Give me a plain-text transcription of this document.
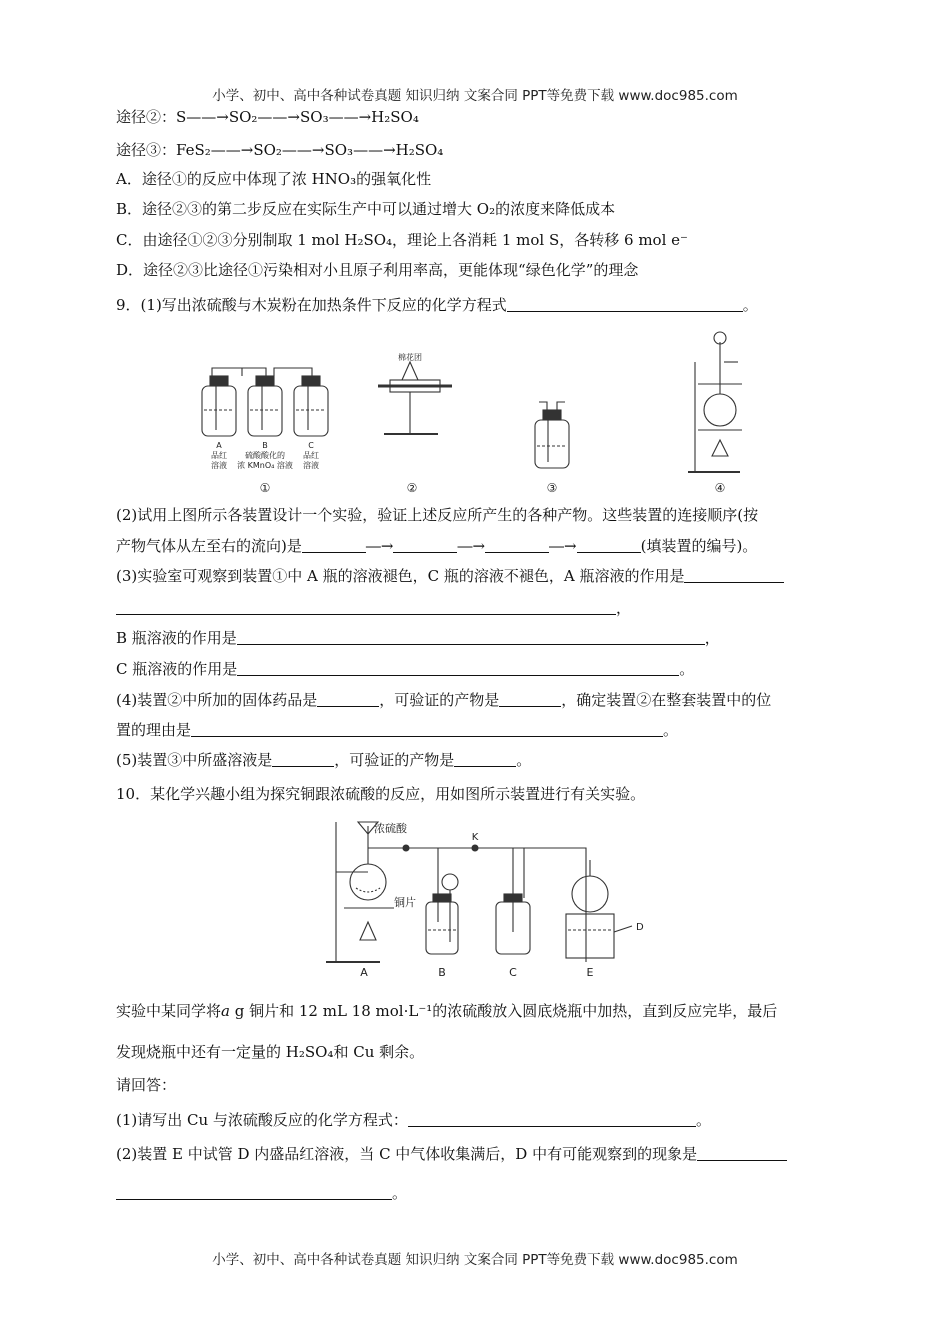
小学、初中、高中各种试卷真题 知识归纳 文案合同 PPT等免费下载 www.doc985.com
途径②：S——→SO₂——→SO₃——→H₂SO₄
途径③：FeS₂——→SO₂——→SO₃——→H₂SO₄
A．途径①的反应中体现了浓 HNO₃的强氧化性
B．途径②③的第二步反应在实际生产中可以通过增大 O₂的浓度来降低成本
C．由途径①②③分别制取 1 mol H₂SO₄，理论上各消耗 1 mol S，各转移 6 mol e⁻
D．途径②③比途径①污染相对小且原子利用率高，更能体现“绿色化学”的理念
9．(1)写出浓硫酸与木炭粉在加热条件下反应的化学方程式	。
A
品红
溶液
B
硫酸酸化的
浓 KMnO₄ 溶液
C
品红
溶液
①
棉花团
②	③	④
(2)试用上图所示各装置设计一个实验，验证上述反应所产生的各种产物。这些装置的连接顺序(按
产物气体从左至右的流向)是	―→	―→	―→	(填装置的编号)。
(3)实验室可观察到装置①中 A 瓶的溶液褪色，C 瓶的溶液不褪色，A 瓶溶液的作用是
，
B 瓶溶液的作用是	，
C 瓶溶液的作用是	。
(4)装置②中所加的固体药品是	，可验证的产物是	，确定装置②在整套装置中的位
置的理由是	。
(5)装置③中所盛溶液是	，可验证的产物是	。
10．某化学兴趣小组为探究铜跟浓硫酸的反应，用如图所示装置进行有关实验。
浓硫酸
K
铜片
D
A	B	C	E
实验中某同学将a g 铜片和 12 mL 18 mol·L⁻¹的浓硫酸放入圆底烧瓶中加热，直到反应完毕，最后
发现烧瓶中还有一定量的 H₂SO₄和 Cu 剩余。
请回答：
(1)请写出 Cu 与浓硫酸反应的化学方程式：	。
(2)装置 E 中试管 D 内盛品红溶液，当 C 中气体收集满后，D 中有可能观察到的现象是
。
小学、初中、高中各种试卷真题 知识归纳 文案合同 PPT等免费下载 www.doc985.com
